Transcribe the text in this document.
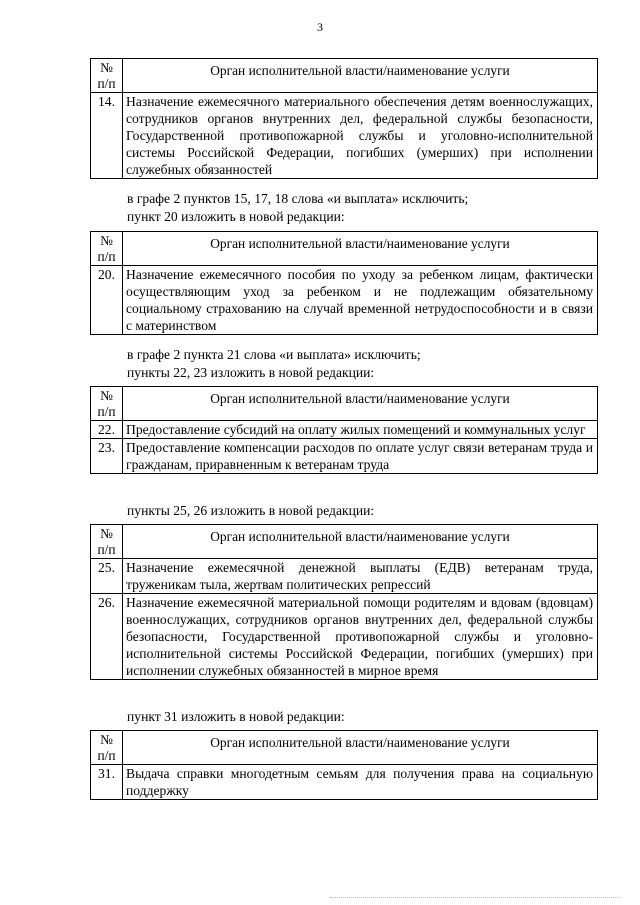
3
№
п/п	Орган исполнительной власти/наименование услуги
14.	Назначение ежемесячного материального обеспечения детям военнослужащих, сотрудников органов внутренних дел, федеральной службы безопасности, Государственной противопожарной службы и уголовно-исполнительной системы Российской Федерации, погибших (умерших) при исполнении служебных обязанностей
в графе 2 пунктов 15, 17, 18 слова «и выплата» исключить;
пункт 20 изложить в новой редакции:
№
п/п	Орган исполнительной власти/наименование услуги
20.	Назначение ежемесячного пособия по уходу за ребенком лицам, фактически осуществляющим уход за ребенком и не подлежащим обязательному социальному страхованию на случай временной нетрудоспособности и в связи с материнством
в графе 2 пункта 21 слова «и выплата» исключить;
пункты 22, 23 изложить в новой редакции:
№
п/п	Орган исполнительной власти/наименование услуги
22.	Предоставление субсидий на оплату жилых помещений и коммунальных услуг
23.	Предоставление компенсации расходов по оплате услуг связи ветеранам труда и гражданам, приравненным к ветеранам труда
пункты 25, 26 изложить в новой редакции:
№
п/п	Орган исполнительной власти/наименование услуги
25.	Назначение ежемесячной денежной выплаты (ЕДВ) ветеранам труда, труженикам тыла, жертвам политических репрессий
26.	Назначение ежемесячной материальной помощи родителям и вдовам (вдовцам) военнослужащих, сотрудников органов внутренних дел, федеральной службы безопасности, Государственной противопожарной службы и уголовно-исполнительной системы Российской Федерации, погибших (умерших) при исполнении служебных обязанностей в мирное время
пункт 31 изложить в новой редакции:
№
п/п	Орган исполнительной власти/наименование услуги
31.	Выдача справки многодетным семьям для получения права на социальную поддержку
